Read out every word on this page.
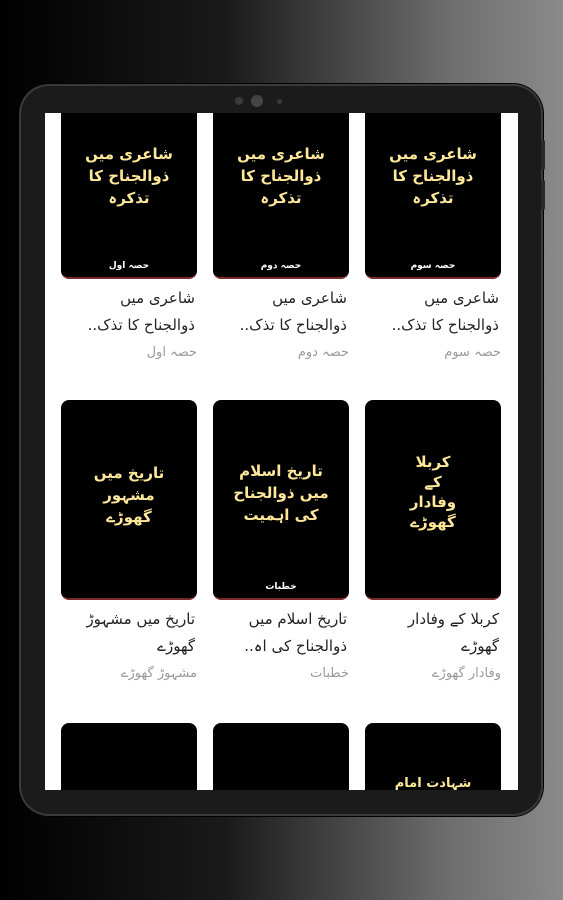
شاعری میں
ذوالجناح کا
تذکرہ
حصہ سوم
شاعری میں
ذوالجناح کا تذک..
حصہ سوم
شاعری میں
ذوالجناح کا
تذکرہ
حصہ دوم
شاعری میں
ذوالجناح کا تذک..
حصہ دوم
شاعری میں
ذوالجناح کا
تذکرہ
حصہ اول
شاعری میں
ذوالجناح کا تذک..
حصہ اول
کربلا
کے
وفادار
گھوڑے
کربلا کے وفادار
گھوڑے
وفادار گھوڑے
تاریخ اسلام
میں ذوالجناح
کی اہمیت
خطبات
تاریخ اسلام میں
ذوالجناح کی اہ..
خطبات
تاریخ میں
مشہور
گھوڑے
تاریخ میں مشہوڑ
گھوڑے
مشہوڑ گھوڑے
شہادت امام
